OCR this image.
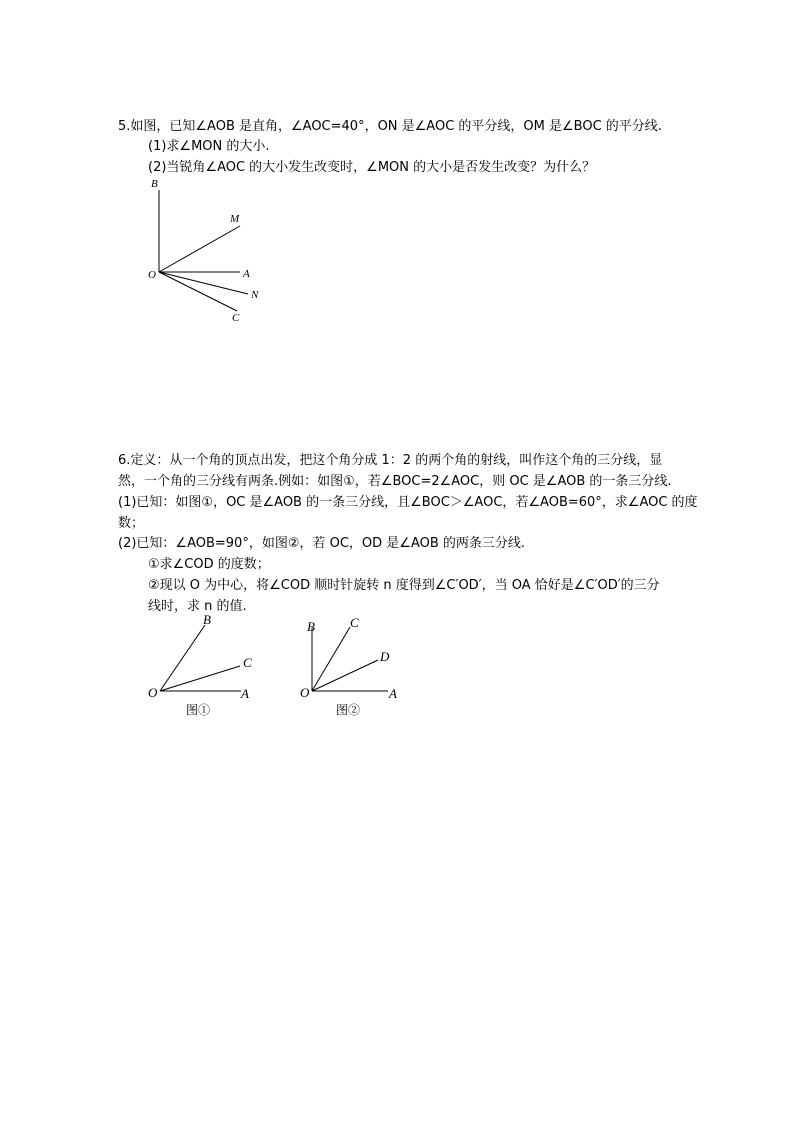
5.如图，已知∠AOB 是直角，∠AOC=40°，ON 是∠AOC 的平分线，OM 是∠BOC 的平分线.
(1)求∠MON 的大小.
(2)当锐角∠AOC 的大小发生改变时，∠MON 的大小是否发生改变？为什么？
B
M
O	A
N
C
6.定义：从一个角的顶点出发，把这个角分成 1：2 的两个角的射线，叫作这个角的三分线，显
然，一个角的三分线有两条.例如：如图①，若∠BOC=2∠AOC，则 OC 是∠AOB 的一条三分线.
(1)已知：如图①，OC 是∠AOB 的一条三分线，且∠BOC＞∠AOC，若∠AOB=60°，求∠AOC 的度
数；
(2)已知：∠AOB=90°，如图②，若 OC，OD 是∠AOB 的两条三分线.
①求∠COD 的度数；
②现以 O 为中心，将∠COD 顺时针旋转 n 度得到∠C′OD′，当 OA 恰好是∠C′OD′的三分
线时，求 n 的值.
B
C
O	A
图①
B	C
D
O	A
图②
